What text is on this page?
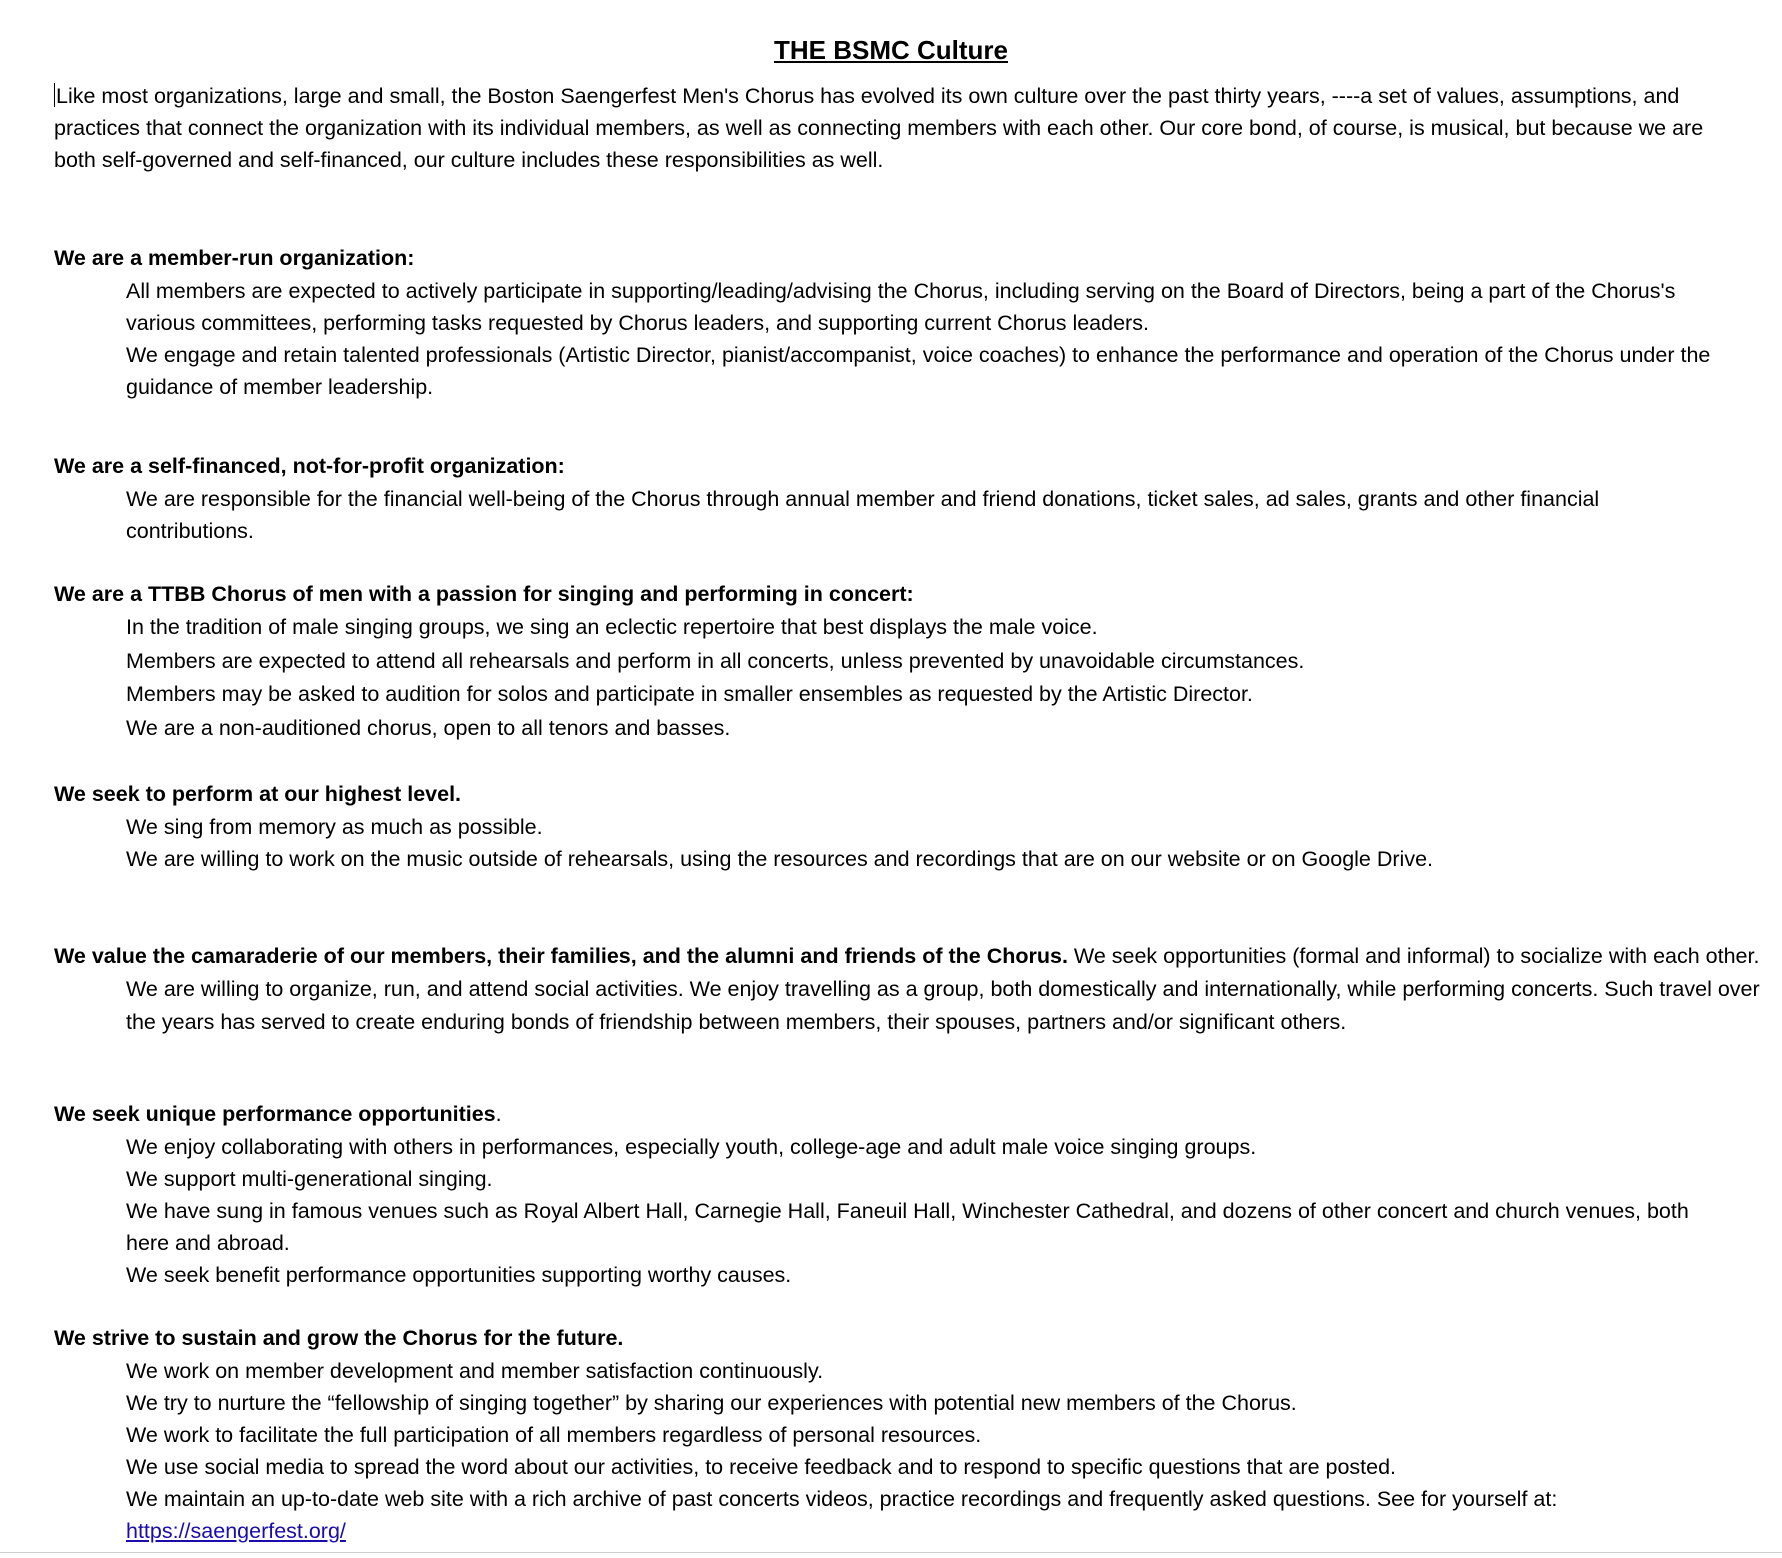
THE BSMC Culture
Like most organizations, large and small, the Boston Saengerfest Men's Chorus has evolved its own culture over the past thirty years, ----a set of values, assumptions, and practices that connect the organization with its individual members, as well as connecting members with each other. Our core bond, of course, is musical, but because we are both self-governed and self-financed, our culture includes these responsibilities as well.
We are a member-run organization:
All members are expected to actively participate in supporting/leading/advising the Chorus, including serving on the Board of Directors, being a part of the Chorus's various committees, performing tasks requested by Chorus leaders, and supporting current Chorus leaders.
We engage and retain talented professionals (Artistic Director, pianist/accompanist, voice coaches) to enhance the performance and operation of the Chorus under the guidance of member leadership.
We are a self-financed, not-for-profit organization:
We are responsible for the financial well-being of the Chorus through annual member and friend donations, ticket sales, ad sales, grants and other financial contributions.
We are a TTBB Chorus of men with a passion for singing and performing in concert:
In the tradition of male singing groups, we sing an eclectic repertoire that best displays the male voice.
Members are expected to attend all rehearsals and perform in all concerts, unless prevented by unavoidable circumstances.
Members may be asked to audition for solos and participate in smaller ensembles as requested by the Artistic Director.
We are a non-auditioned chorus, open to all tenors and basses.
We seek to perform at our highest level.
We sing from memory as much as possible.
We are willing to work on the music outside of rehearsals, using the resources and recordings that are on our website or on Google Drive.
We value the camaraderie of our members, their families, and the alumni and friends of the Chorus. We seek opportunities (formal and informal) to socialize with each other. We are willing to organize, run, and attend social activities. We enjoy travelling as a group, both domestically and internationally, while performing concerts. Such travel over the years has served to create enduring bonds of friendship between members, their spouses, partners and/or significant others.
We seek unique performance opportunities.
We enjoy collaborating with others in performances, especially youth, college-age and adult male voice singing groups.
We support multi-generational singing.
We have sung in famous venues such as Royal Albert Hall, Carnegie Hall, Faneuil Hall, Winchester Cathedral, and dozens of other concert and church venues, both here and abroad.
We seek benefit performance opportunities supporting worthy causes.
We strive to sustain and grow the Chorus for the future.
We work on member development and member satisfaction continuously.
We try to nurture the “fellowship of singing together” by sharing our experiences with potential new members of the Chorus.
We work to facilitate the full participation of all members regardless of personal resources.
We use social media to spread the word about our activities, to receive feedback and to respond to specific questions that are posted.
We maintain an up-to-date web site with a rich archive of past concerts videos, practice recordings and frequently asked questions. See for yourself at:
https://saengerfest.org/
